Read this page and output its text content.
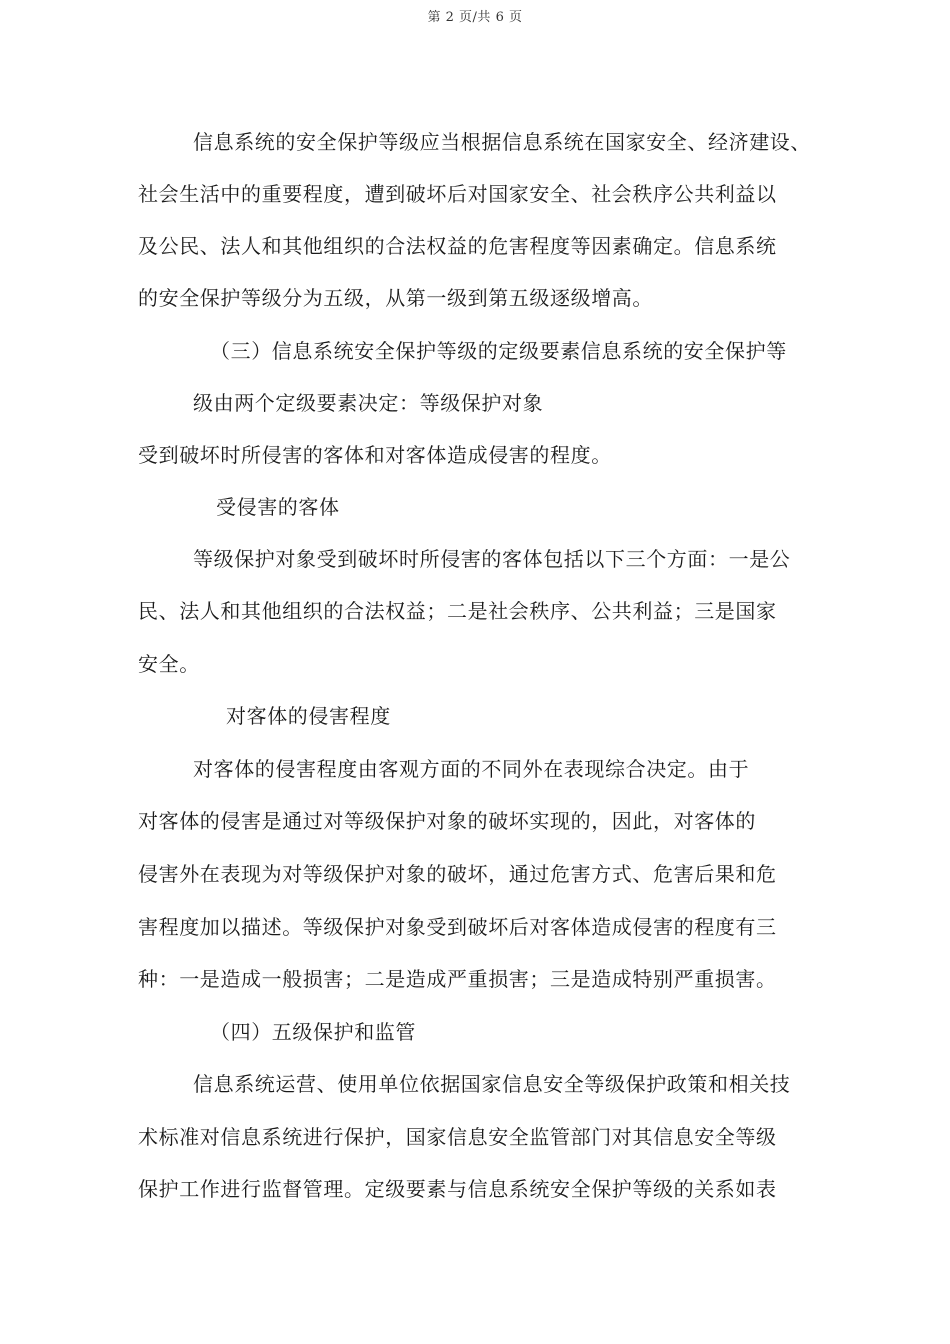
第 2 页/共 6 页
信息系统的安全保护等级应当根据信息系统在国家安全、经济建设、
社会生活中的重要程度，遭到破坏后对国家安全、社会秩序公共利益以
及公民、法人和其他组织的合法权益的危害程度等因素确定。信息系统
的安全保护等级分为五级，从第一级到第五级逐级增高。
（三）信息系统安全保护等级的定级要素信息系统的安全保护等
级由两个定级要素决定：等级保护对象
受到破坏时所侵害的客体和对客体造成侵害的程度。
受侵害的客体
等级保护对象受到破坏时所侵害的客体包括以下三个方面：一是公
民、法人和其他组织的合法权益；二是社会秩序、公共利益；三是国家
安全。
对客体的侵害程度
对客体的侵害程度由客观方面的不同外在表现综合决定。由于
对客体的侵害是通过对等级保护对象的破坏实现的，因此，对客体的
侵害外在表现为对等级保护对象的破坏，通过危害方式、危害后果和危
害程度加以描述。等级保护对象受到破坏后对客体造成侵害的程度有三
种：一是造成一般损害；二是造成严重损害；三是造成特别严重损害。
（四）五级保护和监管
信息系统运营、使用单位依据国家信息安全等级保护政策和相关技
术标准对信息系统进行保护，国家信息安全监管部门对其信息安全等级
保护工作进行监督管理。定级要素与信息系统安全保护等级的关系如表
